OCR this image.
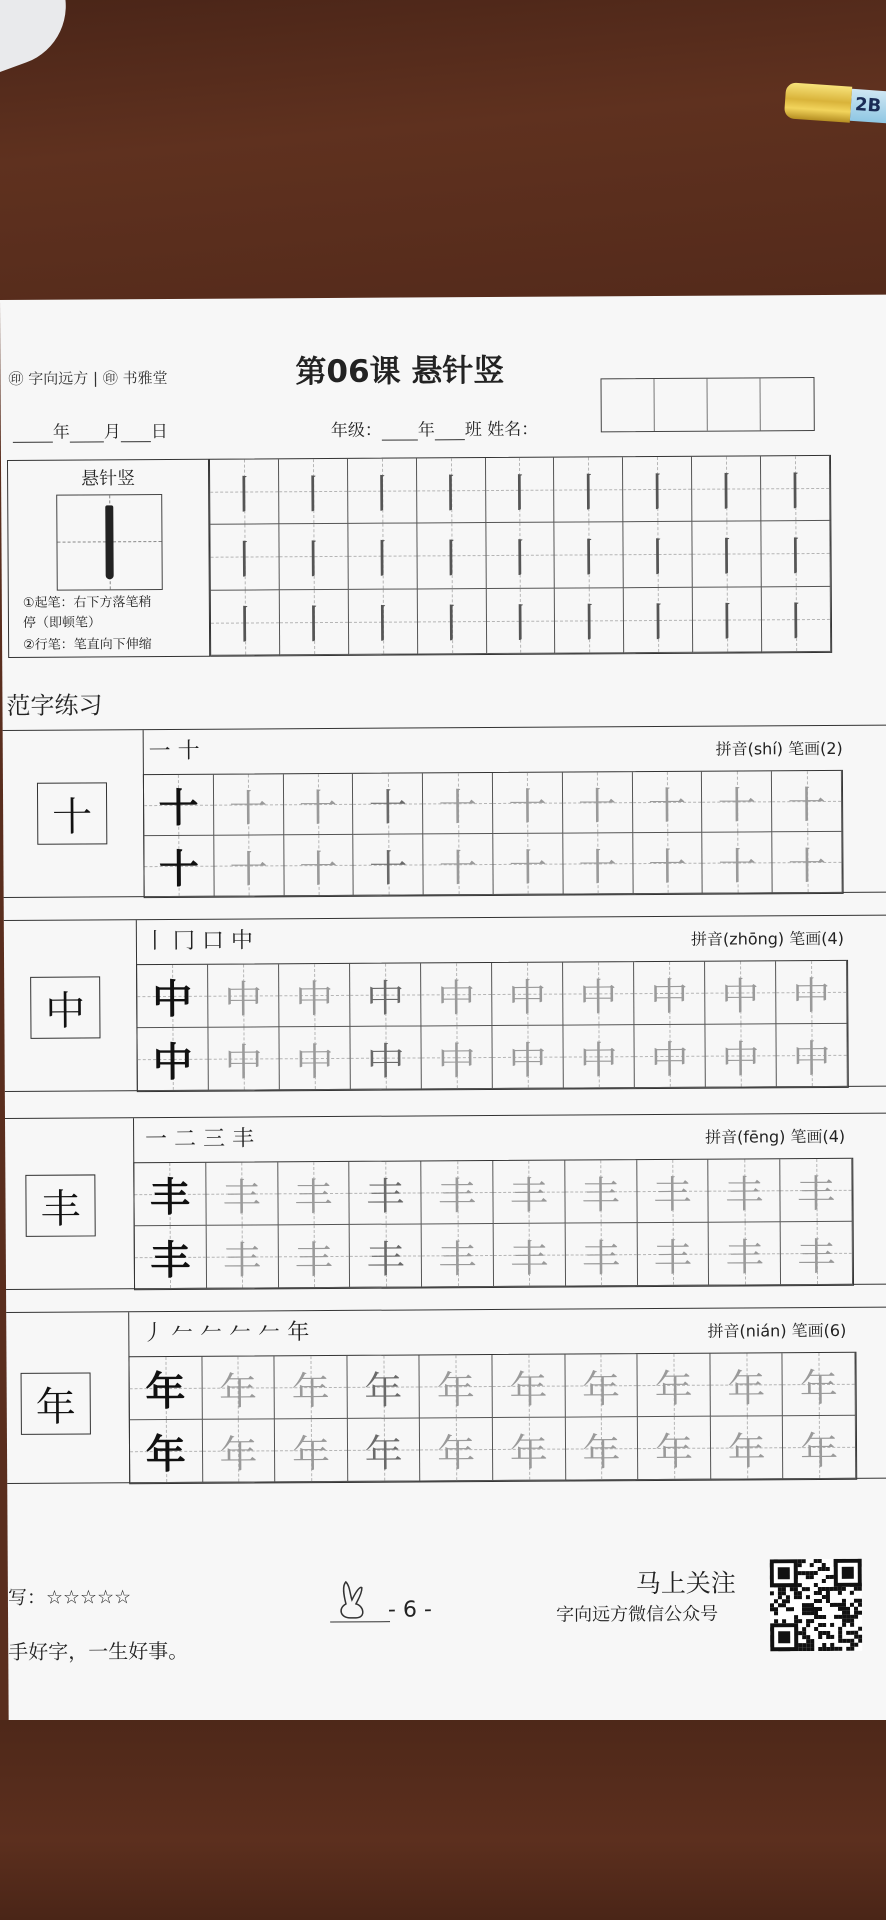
2B
㊞ 字向远方 | ㊞ 书雅堂	第06课 悬针竖
年 月 日	年级： 年 班 姓名：
悬针竖
①起笔：右下方落笔稍
停（即顿笔）
②行笔：笔直向下伸缩
丨 丨 丨 丨 丨 丨 丨 丨 丨
丨 丨 丨 丨 丨 丨 丨 丨 丨
丨 丨 丨 丨 丨 丨 丨 丨 丨
范字练习
十
一 十	拼音(shí) 笔画(2)
十 十 十 十 十 十 十 十 十 十
十 十 十 十 十 十 十 十 十 十
中
丨 冂 口 中	拼音(zhōng) 笔画(4)
中 中 中 中 中 中 中 中 中 中
中 中 中 中 中 中 中 中 中 中
丰
一 二 三 丰	拼音(fēng) 笔画(4)
丰 丰 丰 丰 丰 丰 丰 丰 丰 丰
丰 丰 丰 丰 丰 丰 丰 丰 丰 丰
年
丿 𠂉 𠂉 𠂉 𠂉 年	拼音(nián) 笔画(6)
年 年 年 年 年 年 年 年 年 年
年 年 年 年 年 年 年 年 年 年
- 6 -
写：☆☆☆☆☆
手好字，一生好事。
马上关注
字向远方微信公众号
